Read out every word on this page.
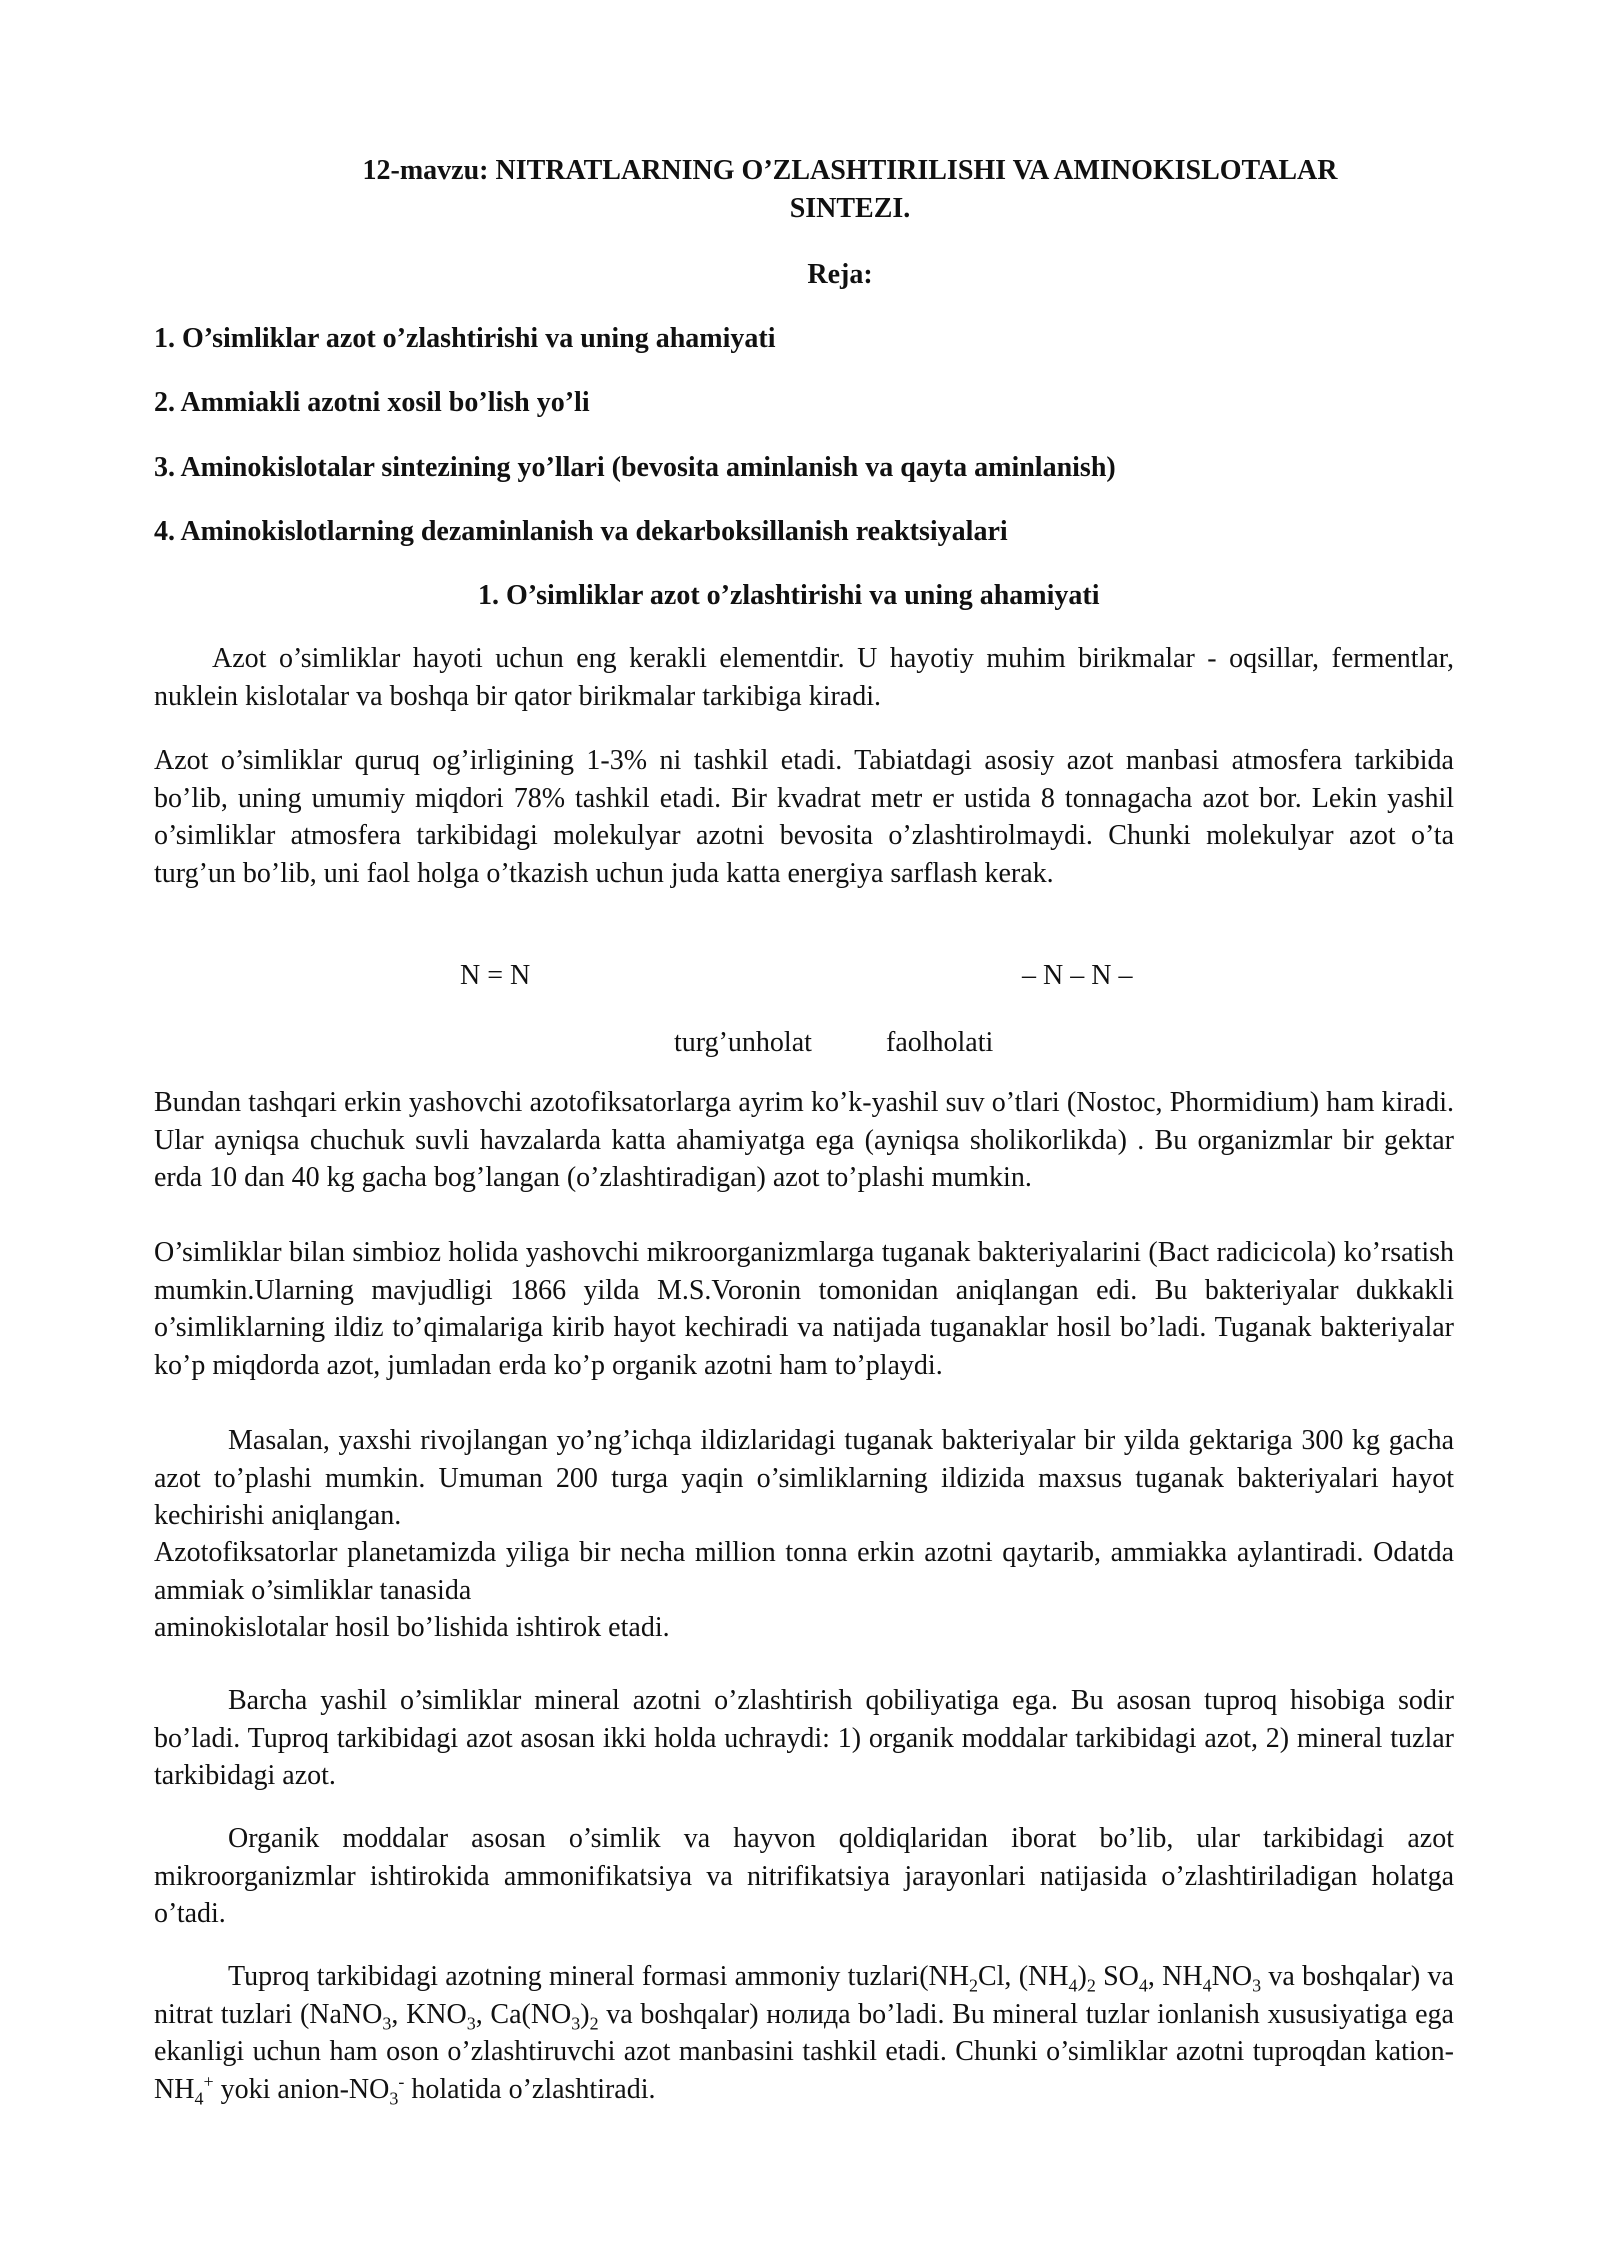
12-mavzu: NITRATLARNING O’ZLASHTIRILISHI VA AMINOKISLOTALAR
SINTEZI.
Reja:
1. O’simliklar azot o’zlashtirishi va uning ahamiyati
2. Ammiakli azotni xosil bo’lish yo’li
3. Aminokislotalar sintezining yo’llari (bevosita aminlanish va qayta aminlanish)
4. Aminokislotlarning dezaminlanish va dekarboksillanish reaktsiyalari
1. O’simliklar azot o’zlashtirishi va uning ahamiyati

Azot o’simliklar hayoti uchun eng kerakli elementdir. U hayotiy muhim birikmalar - oqsillar, fermentlar, nuklein kislotalar va boshqa bir qator birikmalar tarkibiga kiradi.

Azot o’simliklar quruq og’irligining 1-3% ni tashkil etadi. Tabiatdagi asosiy azot manbasi atmosfera tarkibida bo’lib, uning umumiy miqdori 78% tashkil etadi. Bir kvadrat metr er ustida 8 tonnagacha azot bor. Lekin yashil o’simliklar atmosfera tarkibidagi molekulyar azotni bevosita o’zlashtirolmaydi. Chunki molekulyar azot o’ta turg’un bo’lib, uni faol holga o’tkazish uchun juda katta energiya sarflash kerak.

N = N	– N – N –
turg’unholat	faolholati

Bundan tashqari erkin yashovchi azotofiksatorlarga ayrim ko’k-yashil suv o’tlari (Nostoc, Phormidium) ham kiradi. Ular ayniqsa chuchuk suvli havzalarda katta ahamiyatga ega (ayniqsa sholikorlikda) . Bu organizmlar bir gektar erda 10 dan 40 kg gacha bog’langan (o’zlashtiradigan) azot to’plashi mumkin.

O’simliklar bilan simbioz holida yashovchi mikroorganizmlarga tuganak bakteriyalarini (Bact radicicola) ko’rsatish mumkin.Ularning mavjudligi 1866 yilda M.S.Voronin tomonidan aniqlangan edi. Bu bakteriyalar dukkakli o’simliklarning ildiz to’qimalariga kirib hayot kechiradi va natijada tuganaklar hosil bo’ladi. Tuganak bakteriyalar ko’p miqdorda azot, jumladan erda ko’p organik azotni ham to’playdi.

Masalan, yaxshi rivojlangan yo’ng’ichqa ildizlaridagi tuganak bakteriyalar bir yilda gektariga 300 kg gacha azot to’plashi mumkin. Umuman 200 turga yaqin o’simliklarning ildizida maxsus tuganak bakteriyalari hayot kechirishi aniqlangan.

Azotofiksatorlar planetamizda yiligа bir necha million tonna erkin azotni qaytarib, ammiakka aylantiradi. Odatda ammiak o’simliklar tanasida

aminokislotalar hosil bo’lishida ishtirok etadi.

Barcha yashil o’simliklar mineral azotni o’zlashtirish qobiliyatiga ega. Bu asosan tuproq hisobiga sodir bo’ladi. Tuproq tarkibidagi azot asosan ikki holda uchraydi: 1) organik moddalar tarkibidagi azot, 2) mineral tuzlar tarkibidagi azot.

Organik moddalar asosan o’simlik va hayvon qoldiqlaridan iborat bo’lib, ular tarkibidagi azot mikroorganizmlar ishtirokida ammonifikatsiya va nitrifikatsiya jarayonlari natijasida o’zlashtiriladigan holatga o’tadi.

Tuproq tarkibidagi azotning mineral formasi ammoniy $tuzlari(NH_2Cl$, $(NH_4)_2$ $SO_4$, $NH_4NO_3$ va boshqalar) va nitrat tuzlari (NaNO$_3$, $KNO_3$, $Ca(NO_3)_2$ va boshqalar) нолида bo’ladi. Bu mineral tuzlar ionlanish xususiyatiga ega ekanligi uchun ham oson o’zlashtiruvchi azot manbasini tashkil etadi. Chunki o’simliklar azotni tuproqdan kation-$NH_4^+$ yoki anion-$NO_3^-$ holatida o’zlashtiradi.
